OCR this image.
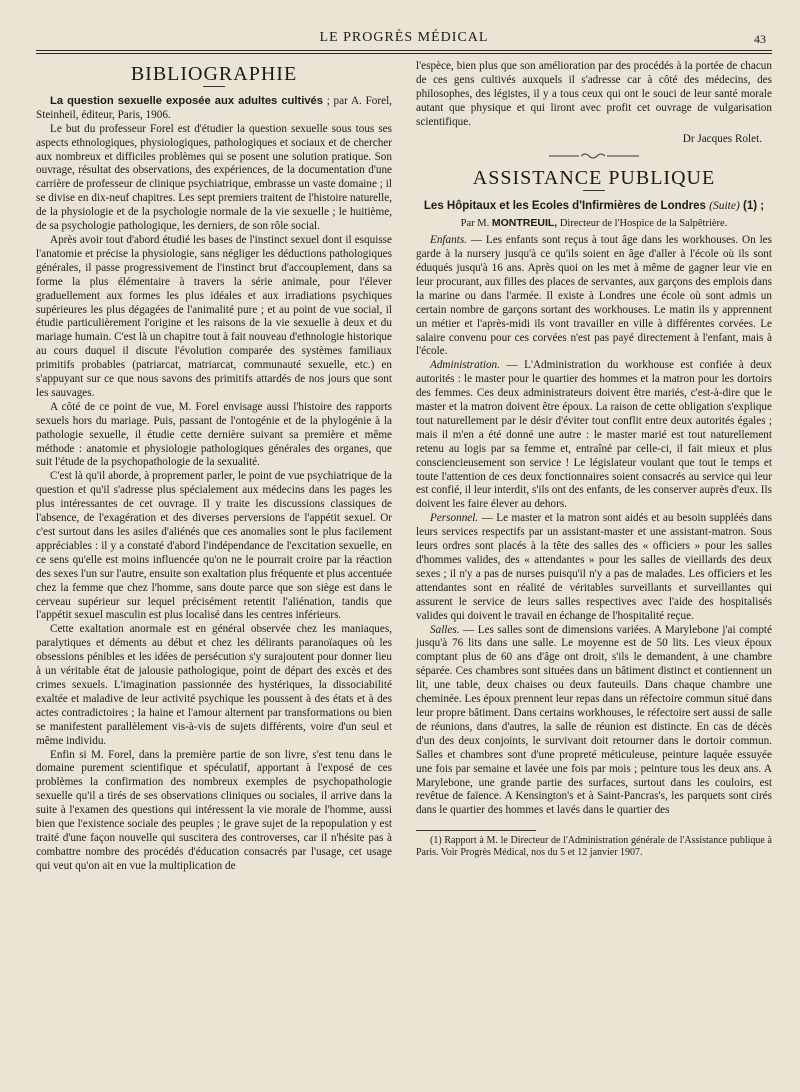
LE PROGRÈS MÉDICAL	43
BIBLIOGRAPHIE

La question sexuelle exposée aux adultes cultivés ; par A. Forel, Steinheil, éditeur, Paris, 1906.

Le but du professeur Forel est d'étudier la question sexuelle sous tous ses aspects ethnologiques, physiologiques, pathologiques et sociaux et de chercher aux nombreux et difficiles problèmes qui se posent une solution pratique. Son ouvrage, résultat des observations, des expériences, de la documentation d'une carrière de professeur de clinique psychiatrique, embrasse un vaste domaine ; il se divise en dix-neuf chapitres. Les sept premiers traitent de l'histoire naturelle, de la physiologie et de la psychologie normale de la vie sexuelle ; le huitième, de sa psychologie pathologique, les derniers, de son rôle social.

Après avoir tout d'abord étudié les bases de l'instinct sexuel dont il esquisse l'anatomie et précise la physiologie, sans négliger les déductions pathologiques générales, il passe progressivement de l'instinct brut d'accouplement, dans sa forme la plus élémentaire à travers la série animale, pour l'élever graduellement aux formes les plus idéales et aux irradiations psychiques supérieures les plus dégagées de l'animalité pure ; et au point de vue social, il étudie particulièrement l'origine et les raisons de la vie sexuelle à deux et du mariage humain. C'est là un chapitre tout à fait nouveau d'ethnologie historique au cours duquel il discute l'évolution comparée des systèmes familiaux primitifs probables (patriarcat, matriarcat, communauté sexuelle, etc.) en s'appuyant sur ce que nous savons des primitifs attardés de nos jours que sont les sauvages.

A côté de ce point de vue, M. Forel envisage aussi l'histoire des rapports sexuels hors du mariage. Puis, passant de l'ontogénie et de la phylogénie à la pathologie sexuelle, il étudie cette dernière suivant sa première et même méthode : anatomie et physiologie pathologiques générales des organes, que suit l'étude de la psychopathologie de la sexualité.

C'est là qu'il aborde, à proprement parler, le point de vue psychiatrique de la question et qu'il s'adresse plus spécialement aux médecins dans les pages les plus intéressantes de cet ouvrage. Il y traite les discussions classiques de l'absence, de l'exagération et des diverses perversions de l'appétit sexuel. Or c'est surtout dans les asiles d'aliénés que ces anomalies sont le plus facilement appréciables : il y a constaté d'abord l'indépendance de l'excitation sexuelle, en ce sens qu'elle est moins influencée qu'on ne le pourrait croire par la réaction des sexes l'un sur l'autre, ensuite son exaltation plus fréquente et plus accentuée chez la femme que chez l'homme, sans doute parce que son siège est dans le cerveau supérieur sur lequel précisément retentit l'aliénation, tandis que l'appétit sexuel masculin est plus localisé dans les centres inférieurs.

Cette exaltation anormale est en général observée chez les maniaques, paralytiques et déments au début et chez les délirants paranoïaques où les obsessions pénibles et les idées de persécution s'y surajoutent pour donner lieu à un véritable état de jalousie pathologique, point de départ des excès et des crimes sexuels. L'imagination passionnée des hystériques, la dissociabilité exaltée et maladive de leur activité psychique les poussent à des états et à des actes contradictoires ; la haine et l'amour alternent par transformations ou bien se manifestent parallèlement vis-à-vis de sujets différents, voire d'un seul et même individu.

Enfin si M. Forel, dans la première partie de son livre, s'est tenu dans le domaine purement scientifique et spéculatif, apportant à l'exposé de ces problèmes la confirmation des nombreux exemples de psychopathologie sexuelle qu'il a tirés de ses observations cliniques ou sociales, il arrive dans la suite à l'examen des questions qui intéressent la vie morale de l'homme, aussi bien que l'existence sociale des peuples ; le grave sujet de la repopulation y est traité d'une façon nouvelle qui suscitera des controverses, car il n'hésite pas à combattre nombre des procédés d'éducation consacrés par l'usage, cet usage qui veut qu'on ait en vue la multiplication de

l'espèce, bien plus que son amélioration par des procédés à la portée de chacun de ces gens cultivés auxquels il s'adresse car à côté des médecins, des philosophes, des légistes, il y a tous ceux qui ont le souci de leur santé morale autant que physique et qui liront avec profit cet ouvrage de vulgarisation scientifique.

Dr Jacques Rolet.
ASSISTANCE PUBLIQUE
Les Hôpitaux et les Ecoles d'Infirmières de Londres (Suite) (1) ;
Par M. MONTREUIL, Directeur de l'Hospice de la Salpêtrière.

Enfants. — Les enfants sont reçus à tout âge dans les workhouses. On les garde à la nursery jusqu'à ce qu'ils soient en âge d'aller à l'école où ils sont éduqués jusqu'à 16 ans. Après quoi on les met à même de gagner leur vie en leur procurant, aux filles des places de servantes, aux garçons des emplois dans la marine ou dans l'armée. Il existe à Londres une école où sont admis un certain nombre de garçons sortant des workhouses. Le matin ils y apprennent un métier et l'après-midi ils vont travailler en ville à différentes corvées. Le salaire convenu pour ces corvées n'est pas payé directement à l'enfant, mais à l'école.

Administration. — L'Administration du workhouse est confiée à deux autorités : le master pour le quartier des hommes et la matron pour les dortoirs des femmes. Ces deux administrateurs doivent être mariés, c'est-à-dire que le master et la matron doivent être époux. La raison de cette obligation s'explique tout naturellement par le désir d'éviter tout conflit entre deux autorités égales ; mais il m'en a été donné une autre : le master marié est tout naturellement retenu au logis par sa femme et, entraîné par celle-ci, il fait mieux et plus consciencieusement son service ! Le législateur voulant que tout le temps et toute l'attention de ces deux fonctionnaires soient consacrés au service qui leur est confié, il leur interdit, s'ils ont des enfants, de les conserver auprès d'eux. Ils doivent les faire élever au dehors.

Personnel. — Le master et la matron sont aidés et au besoin suppléés dans leurs services respectifs par un assistant-master et une assistant-matron. Sous leurs ordres sont placés à la tête des salles des « officiers » pour les salles d'hommes valides, des « attendantes » pour les salles de vieillards des deux sexes ; il n'y a pas de nurses puisqu'il n'y a pas de malades. Les officiers et les attendantes sont en réalité de véritables surveillants et surveillantes qui assurent le service de leurs salles respectives avec l'aide des hospitalisés valides qui doivent le travail en échange de l'hospitalité reçue.

Salles. — Les salles sont de dimensions variées. A Marylebone j'ai compté jusqu'à 76 lits dans une salle. Le moyenne est de 50 lits. Les vieux époux comptant plus de 60 ans d'âge ont droit, s'ils le demandent, à une chambre séparée. Ces chambres sont situées dans un bâtiment distinct et contiennent un lit, une table, deux chaises ou deux fauteuils. Dans chaque chambre une cheminée. Les époux prennent leur repas dans un réfectoire commun situé dans leur propre bâtiment. Dans certains workhouses, le réfectoire sert aussi de salle de réunions, dans d'autres, la salle de réunion est distincte. En cas de décès d'un des deux conjoints, le survivant doit retourner dans le dortoir commun. Salles et chambres sont d'une propreté méticuleuse, peinture laquée essuyée une fois par semaine et lavée une fois par mois ; peinture tous les deux ans. A Marylebone, une grande partie des surfaces, surtout dans les couloirs, est revêtue de faïence. A Kensington's et à Saint-Pancras's, les parquets sont cirés dans le quartier des hommes et lavés dans le quartier des

(1) Rapport à M. le Directeur de l'Administration générale de l'Assistance publique à Paris. Voir Progrès Médical, nos du 5 et 12 janvier 1907.
